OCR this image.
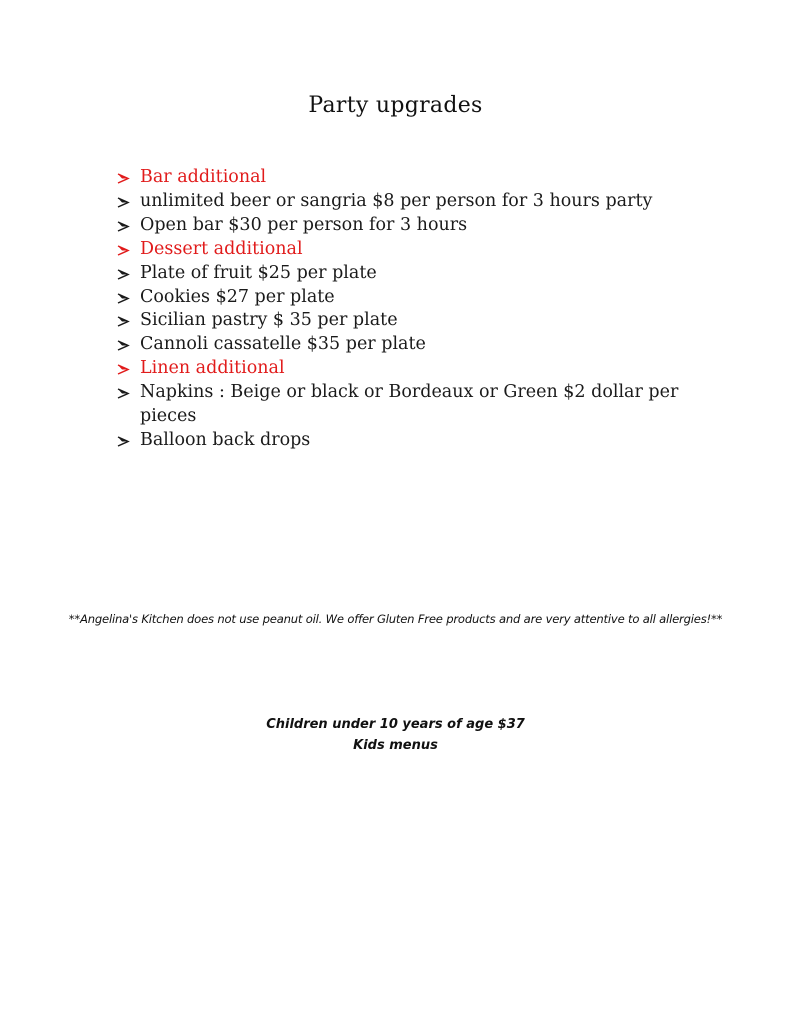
Party upgrades
Bar additional
unlimited beer or sangria $8 per person for 3 hours party
Open bar $30 per person for 3 hours
Dessert additional
Plate of fruit $25 per plate
Cookies $27 per plate
Sicilian pastry $ 35 per plate
Cannoli cassatelle $35 per plate
Linen additional
Napkins : Beige or black or Bordeaux or Green $2 dollar per pieces
Balloon back drops
**Angelina's Kitchen does not use peanut oil. We offer Gluten Free products and are very attentive to all allergies!**
Children under 10 years of age $37
Kids menus
